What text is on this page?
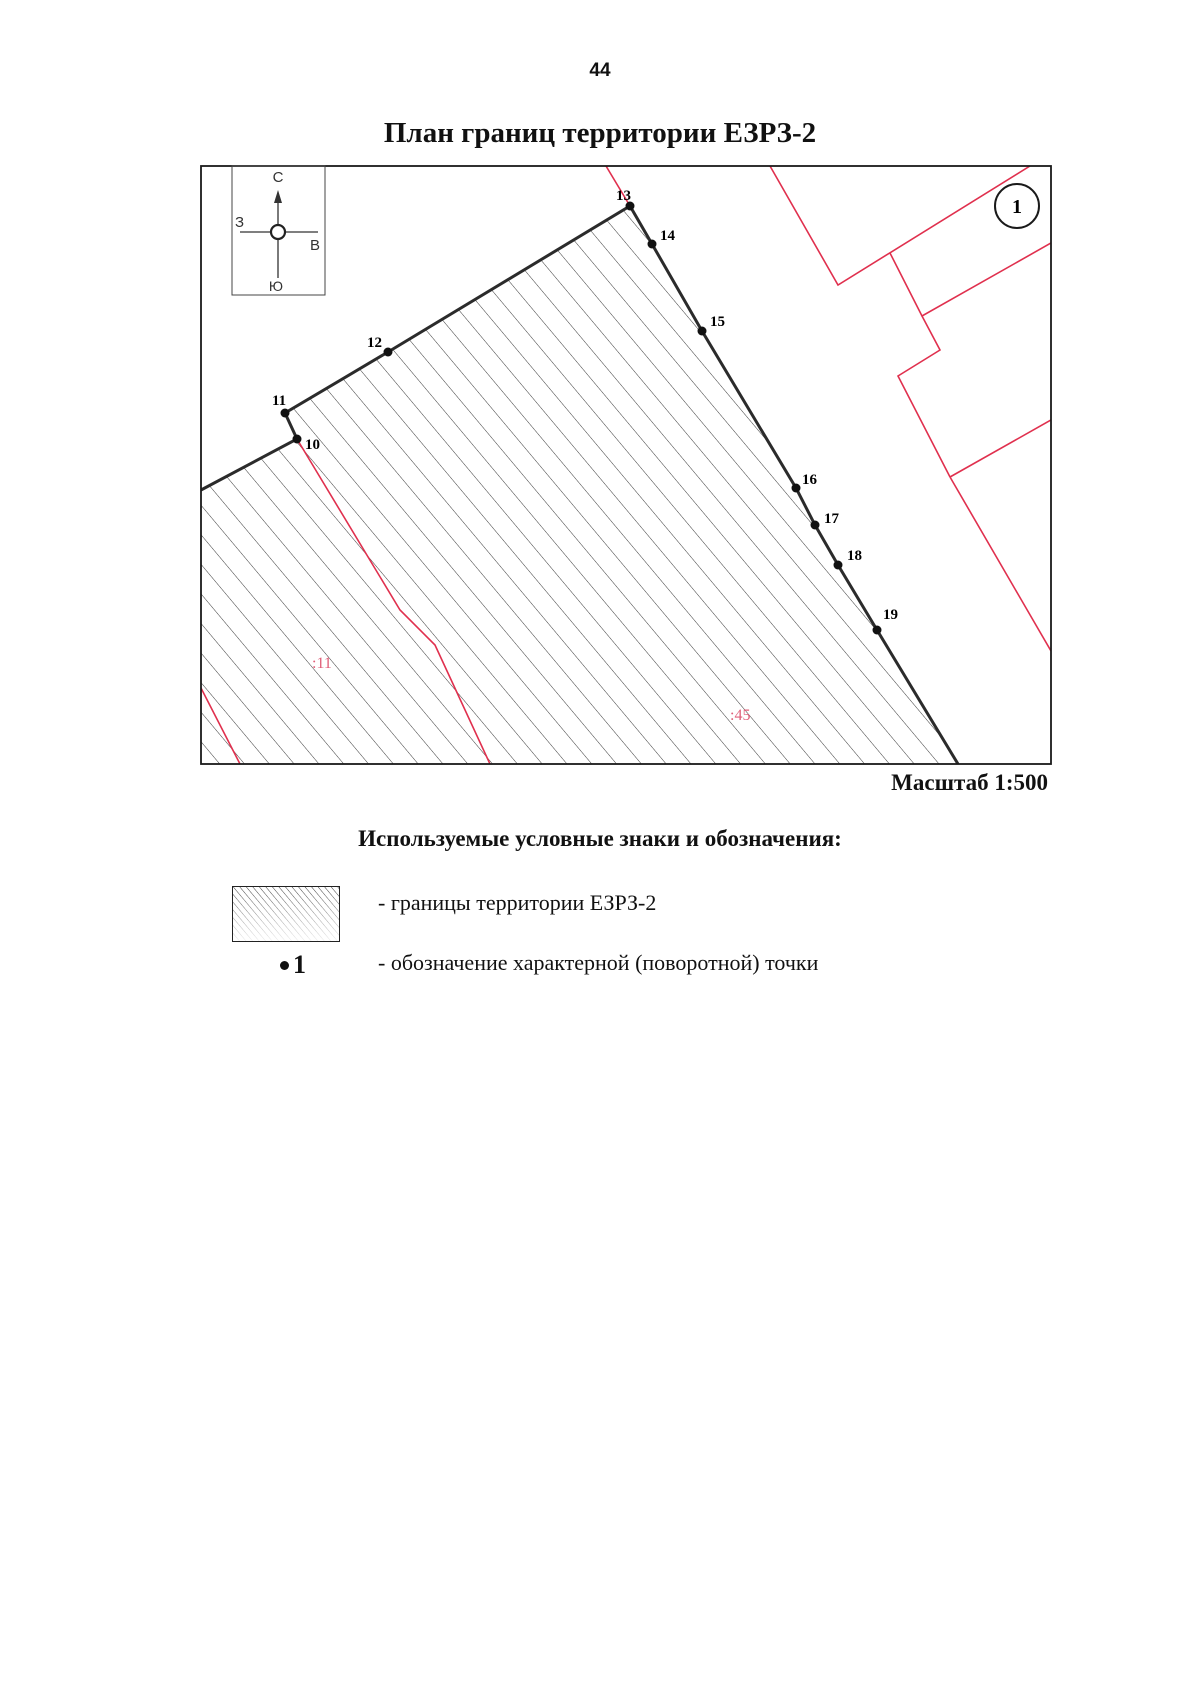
44
План границ территории ЕЗРЗ-2
С
Ю
З
В
1
:11
:45
10
11
12
13
14
15
16
17
18
19
Масштаб 1:500
Используемые условные знаки и обозначения:
- границы территории ЕЗРЗ-2
1	- обозначение характерной (поворотной) точки
